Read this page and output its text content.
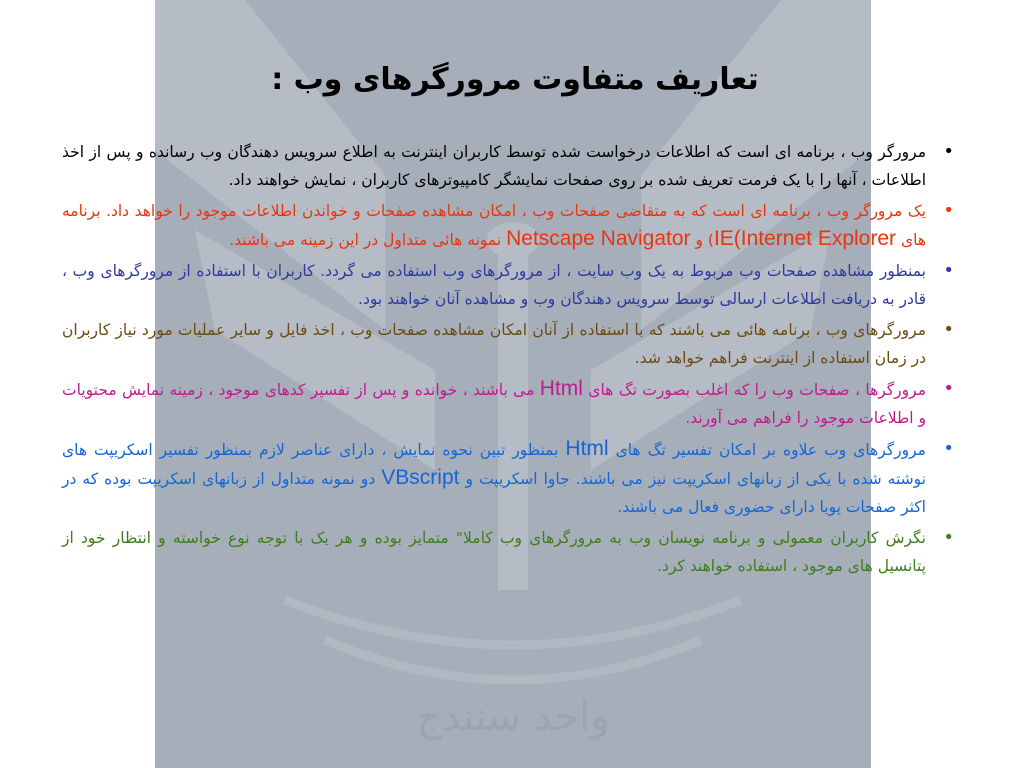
واحد سنندج
تعاریف متفاوت مرورگرهای وب :
•
مرورگر وب ، برنامه ای است که اطلاعات درخواست شده توسط کاربران اینترنت به اطلاع سرویس دهندگان وب رسانده و پس از اخذ اطلاعات ، آنها را با یک فرمت تعریف شده بر روی صفحات نمایشگر کامپیوترهای کاربران ، نمایش خواهند داد.
•
یک مرورگر وب ، برنامه ای است که به متقاضی صفحات وب ، امکان مشاهده صفحات و خواندن اطلاعات موجود را خواهد داد. برنامه های IE(Internet Explorer) و Netscape Navigator نمونه هائی متداول در این زمینه می باشند.
•
بمنظور مشاهده صفحات وب مربوط به یک وب سایت ، از مرورگرهای وب استفاده می گردد. کاربران با استفاده از مرورگرهای وب ، قادر به دریافت اطلاعات ارسالی توسط سرویس دهندگان وب و مشاهده آنان خواهند بود.
•
مرورگرهای وب ، برنامه هائی می باشند که با استفاده از آنان امکان مشاهده صفحات وب ، اخذ فایل و سایر عملیات مورد نیاز کاربران در زمان استفاده از اینترنت فراهم خواهد شد.
•
مرورگرها ، صفحات وب را که اغلب بصورت تگ های Html می باشند ، خوانده و پس از تفسیر کدهای موجود ، زمینه نمایش محتویات و اطلاعات موجود را فراهم می آورند.
•
مرورگرهای وب علاوه بر امکان تفسیر تگ های Html بمنظور تبین نحوه نمایش ، دارای عناصر لازم بمنظور تفسیر اسکریپت های نوشته شده با یکی از زبانهای اسکریپت نیز می باشند. جاوا اسکریپت و VBscript دو نمونه متداول از زبانهای اسکریپت بوده که در اکثر صفحات پویا دارای حضوری فعال می باشند.
•
نگرش کاربران معمولی و برنامه نویسان وب به مرورگرهای وب کاملا" متمایز بوده و هر یک با توجه نوع خواسته و انتظار خود از پتانسیل های موجود ، استفاده خواهند کرد.
